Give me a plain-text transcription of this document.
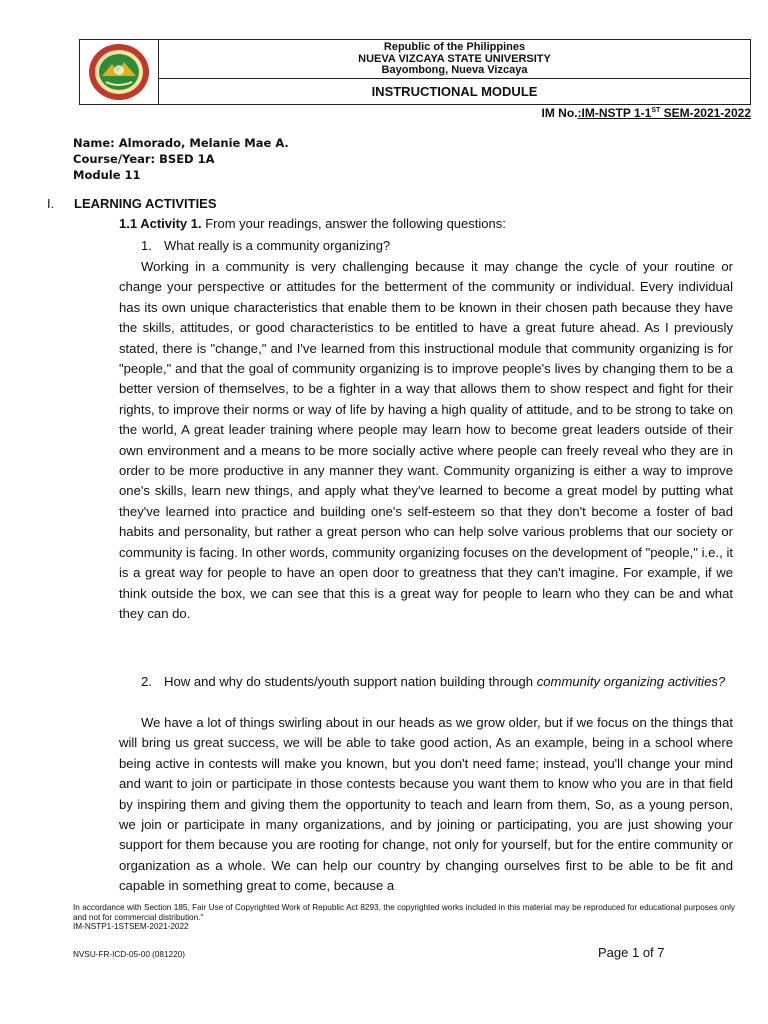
Republic of the Philippines
NUEVA VIZCAYA STATE UNIVERSITY
Bayombong, Nueva Vizcaya
INSTRUCTIONAL MODULE
IM No.:IM-NSTP 1-1ST SEM-2021-2022
Name: Almorado, Melanie Mae A.
Course/Year: BSED 1A
Module 11
I. LEARNING ACTIVITIES
1.1 Activity 1. From your readings, answer the following questions:
1. What really is a community organizing?
Working in a community is very challenging because it may change the cycle of your routine or change your perspective or attitudes for the betterment of the community or individual. Every individual has its own unique characteristics that enable them to be known in their chosen path because they have the skills, attitudes, or good characteristics to be entitled to have a great future ahead. As I previously stated, there is "change," and I've learned from this instructional module that community organizing is for "people," and that the goal of community organizing is to improve people's lives by changing them to be a better version of themselves, to be a fighter in a way that allows them to show respect and fight for their rights, to improve their norms or way of life by having a high quality of attitude, and to be strong to take on the world, A great leader training where people may learn how to become great leaders outside of their own environment and a means to be more socially active where people can freely reveal who they are in order to be more productive in any manner they want. Community organizing is either a way to improve one's skills, learn new things, and apply what they've learned to become a great model by putting what they've learned into practice and building one's self-esteem so that they don't become a foster of bad habits and personality, but rather a great person who can help solve various problems that our society or community is facing. In other words, community organizing focuses on the development of "people," i.e., it is a great way for people to have an open door to greatness that they can't imagine. For example, if we think outside the box, we can see that this is a great way for people to learn who they can be and what they can do.
2. How and why do students/youth support nation building through community organizing activities?
We have a lot of things swirling about in our heads as we grow older, but if we focus on the things that will bring us great success, we will be able to take good action, As an example, being in a school where being active in contests will make you known, but you don't need fame; instead, you'll change your mind and want to join or participate in those contests because you want them to know who you are in that field by inspiring them and giving them the opportunity to teach and learn from them, So, as a young person, we join or participate in many organizations, and by joining or participating, you are just showing your support for them because you are rooting for change, not only for yourself, but for the entire community or organization as a whole. We can help our country by changing ourselves first to be able to be fit and capable in something great to come, because a
In accordance with Section 185, Fair Use of Copyrighted Work of Republic Act 8293, the copyrighted works included in this material may be reproduced for educational purposes only and not for commercial distribution."
IM-NSTP1-1STSEM-2021-2022
NVSU-FR-ICD-05-00 (081220)	Page 1 of 7
